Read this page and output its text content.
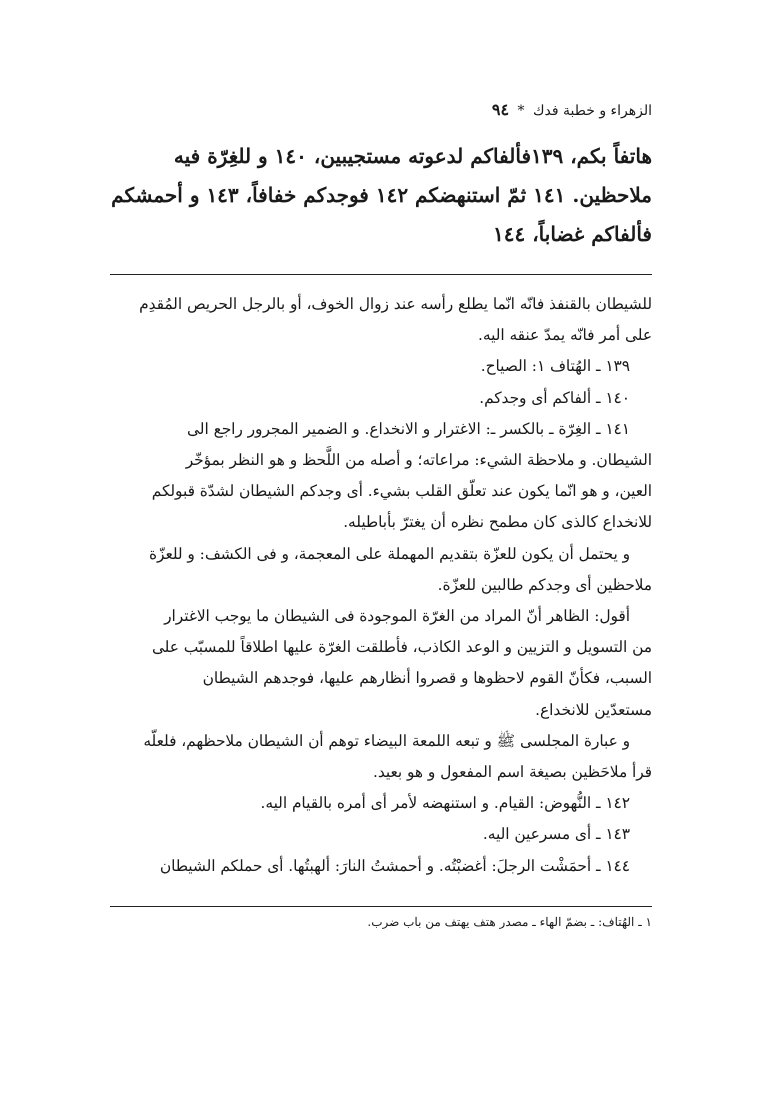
الزهراء و خطبة فدك * ٩٤
هاتفاً بكم، ١٣٩فألفاكم لدعوته مستجيبين، ١٤٠ و للغِرّة فيه
ملاحظين. ١٤١ ثمّ استنهضكم ١٤٢ فوجدكم خفافاً، ١٤٣ و أحمشكم
فألفاكم غضاباً، ١٤٤

للشيطان بالقنفذ فانّه انّما يطلع رأسه عند زوال الخوف، أو بالرجل الحريص المُقدِم

على أمر فانّه يمدّ عنقه اليه.

١٣٩ ـ الهُتاف ١: الصياح.

١٤٠ ـ ألفاكم أى وجدكم.

١٤١ ـ الغِرّة ـ بالكسر ـ: الاغترار و الانخداع. و الضمير المجرور راجع الى

الشيطان. و ملاحظة الشيء: مراعاته؛ و أصله من اللَّحظ و هو النظر بمؤخّر

العين، و هو انّما يكون عند تعلّق القلب بشيء. أى وجدكم الشيطان لشدّة قبولكم

للانخداع كالذى كان مطمح نظره أن يغترّ بأباطيله.

و يحتمل أن يكون للعزّة بتقديم المهملة على المعجمة، و فى الكشف: و للعزّة

ملاحظين أى وجدكم طالبين للعزّة.

أقول: الظاهر أنّ المراد من الغرّة الموجودة فى الشيطان ما يوجب الاغترار

من التسويل و التزيين و الوعد الكاذب، فأطلقت الغرّة عليها اطلاقاً للمسبّب على

السبب، فكأنّ القوم لاحظوها و قصروا أنظارهم عليها، فوجدهم الشيطان

مستعدّين للانخداع.

و عبارة المجلسى ﷺ و تبعه اللمعة البيضاء توهم أن الشيطان ملاحظهم، فلعلّه

قرأ ملاحَظين بصيغة اسم المفعول و هو بعيد.

١٤٢ ـ النُّهوض: القيام. و استنهضه لأمر أى أمره بالقيام اليه.

١٤٣ ـ أى مسرعين اليه.

١٤٤ ـ أحمَشْت الرجلَ: أغضبْتُه. و أحمشتُ النارَ: ألهبتُها. أى حملكم الشيطان

١ ـ الهُتاف: ـ بضمّ الهاء ـ مصدر هتف يهتف من باب ضرب.
